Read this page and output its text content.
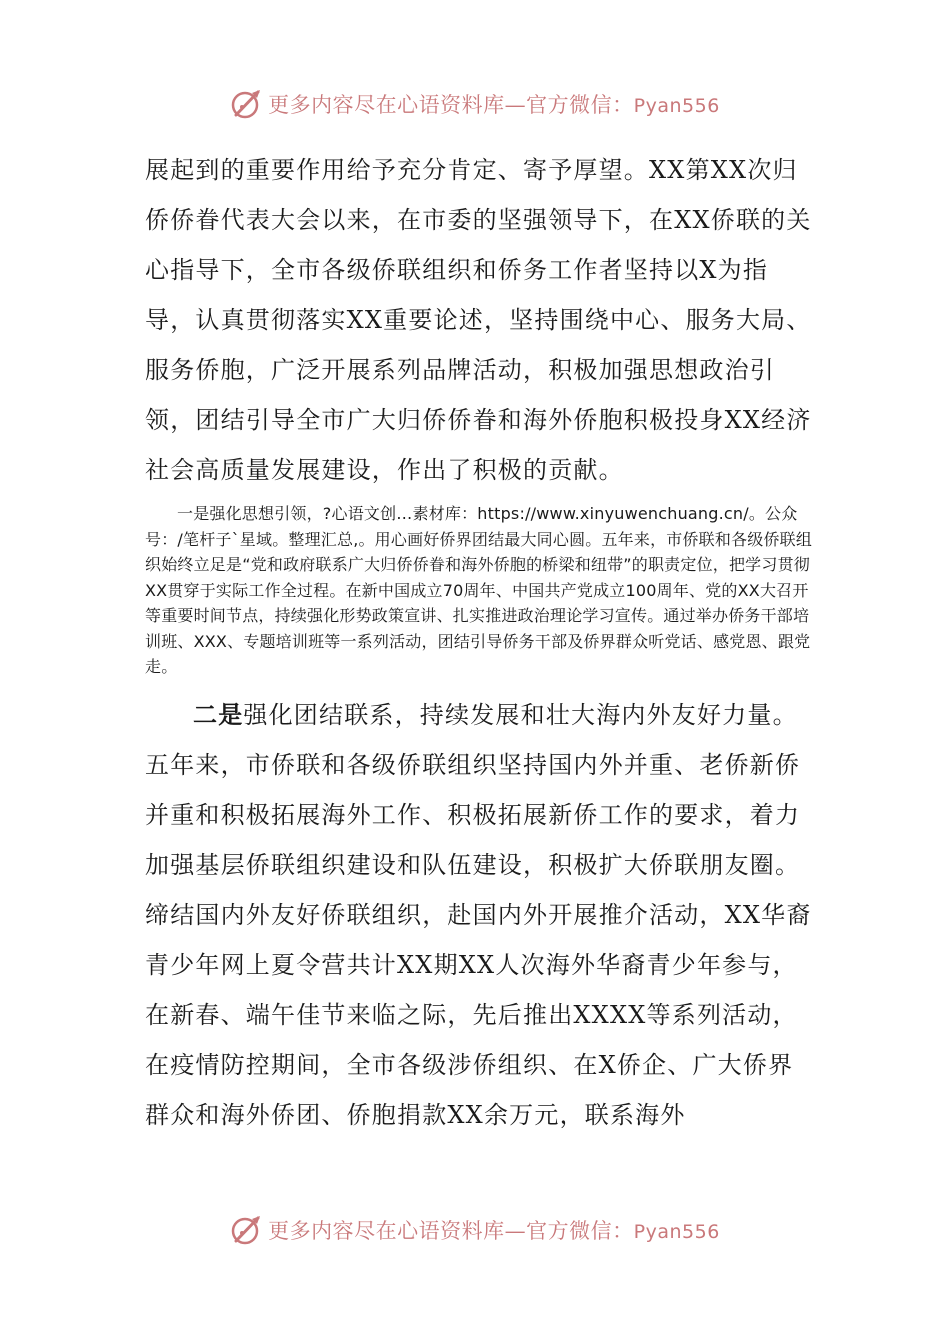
更多内容尽在心语资料库—官方微信：Pyan556

展起到的重要作用给予充分肯定、寄予厚望。XX第XX次归侨侨眷代表大会以来，在市委的坚强领导下，在XX侨联的关心指导下，全市各级侨联组织和侨务工作者坚持以X为指导，认真贯彻落实XX重要论述，坚持围绕中心、服务大局、服务侨胞，广泛开展系列品牌活动，积极加强思想政治引领，团结引导全市广大归侨侨眷和海外侨胞积极投身XX经济社会高质量发展建设，作出了积极的贡献。

一是强化思想引领，?心语文创…素材库：https://www.xinyuwenchuang.cn/。公众号：/笔杆子`星域。整理汇总,。用心画好侨界团结最大同心圆。五年来，市侨联和各级侨联组织始终立足是“党和政府联系广大归侨侨眷和海外侨胞的桥梁和纽带”的职责定位，把学习贯彻XX贯穿于实际工作全过程。在新中国成立70周年、中国共产党成立100周年、党的XX大召开等重要时间节点，持续强化形势政策宣讲、扎实推进政治理论学习宣传。通过举办侨务干部培训班、XXX、专题培训班等一系列活动，团结引导侨务干部及侨界群众听党话、感党恩、跟党走。

二是强化团结联系，持续发展和壮大海内外友好力量。五年来，市侨联和各级侨联组织坚持国内外并重、老侨新侨并重和积极拓展海外工作、积极拓展新侨工作的要求，着力加强基层侨联组织建设和队伍建设，积极扩大侨联朋友圈。缔结国内外友好侨联组织，赴国内外开展推介活动，XX华裔青少年网上夏令营共计XX期XX人次海外华裔青少年参与，在新春、端午佳节来临之际，先后推出XXXX等系列活动，在疫情防控期间，全市各级涉侨组织、在X侨企、广大侨界群众和海外侨团、侨胞捐款XX余万元，联系海外

更多内容尽在心语资料库—官方微信：Pyan556
